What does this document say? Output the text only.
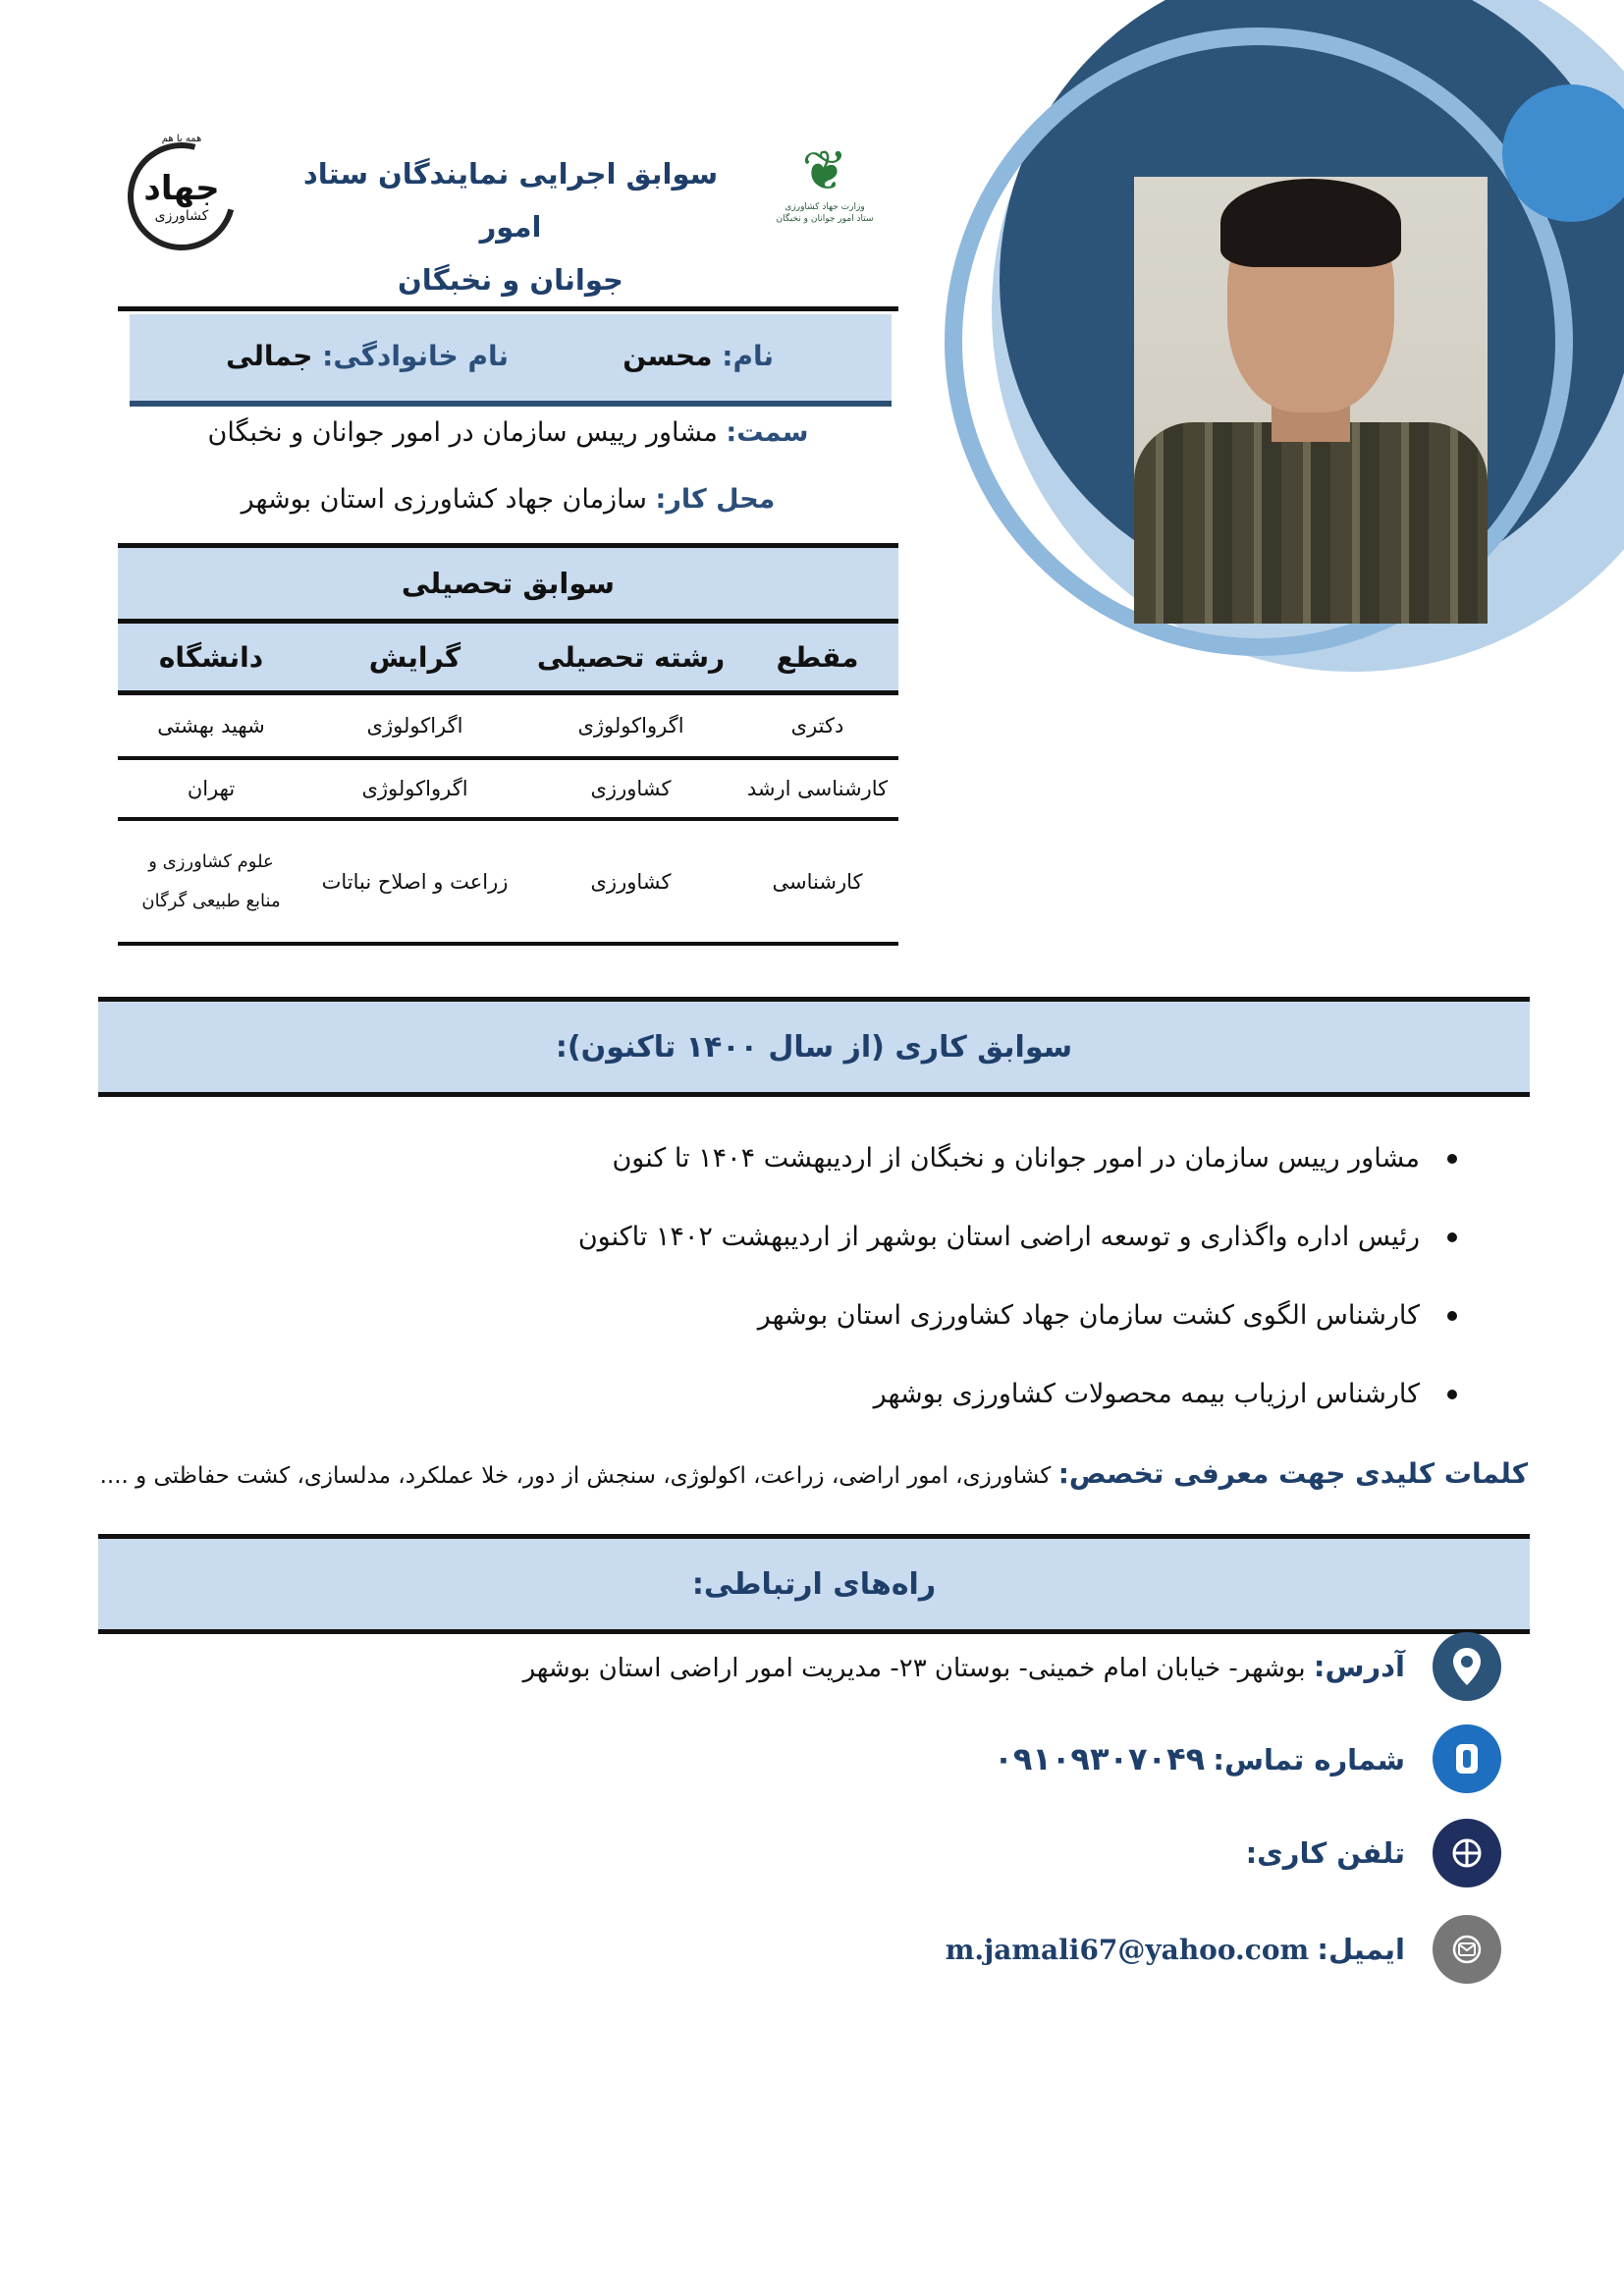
همه با هم
جهاد
کشاورزی
❦
وزارت جهاد کشاورزی ستاد امور جوانان و نخبگان
سوابق اجرایی نمایندگان ستاد امور
جوانان و نخبگان
نام: محسن
نام خانوادگی: جمالی
سمت: مشاور رییس سازمان در امور جوانان و نخبگان
محل کار: سازمان جهاد کشاورزی استان بوشهر
سوابق تحصیلی
مقطع
رشته تحصیلی
گرایش
دانشگاه
دکتری
اگرواکولوژی
اگراکولوژی
شهید بهشتی
کارشناسی ارشد
کشاورزی
اگرواکولوژی
تهران
کارشناسی
کشاورزی
زراعت و اصلاح نباتات
علوم کشاورزی و منابع طبیعی گرگان
سوابق کاری (از سال ۱۴۰۰ تاکنون):
مشاور رییس سازمان در امور جوانان و نخبگان از اردیبهشت ۱۴۰۴ تا کنون
رئیس اداره واگذاری و توسعه اراضی استان بوشهر از اردیبهشت ۱۴۰۲ تاکنون
کارشناس الگوی کشت سازمان جهاد کشاورزی استان بوشهر
کارشناس ارزیاب بیمه محصولات کشاورزی بوشهر
کلمات کلیدی جهت معرفی تخصص: کشاورزی، امور اراضی، زراعت، اکولوژی، سنجش از دور، خلا عملکرد، مدلسازی، کشت حفاظتی و ....
راه‌های ارتباطی:
آدرس: بوشهر- خیابان امام خمینی- بوستان ۲۳- مدیریت امور اراضی استان بوشهر
شماره تماس: ۰۹۱۰۹۳۰۷۰۴۹
تلفن کاری:
ایمیل: m.jamali67@yahoo.com
